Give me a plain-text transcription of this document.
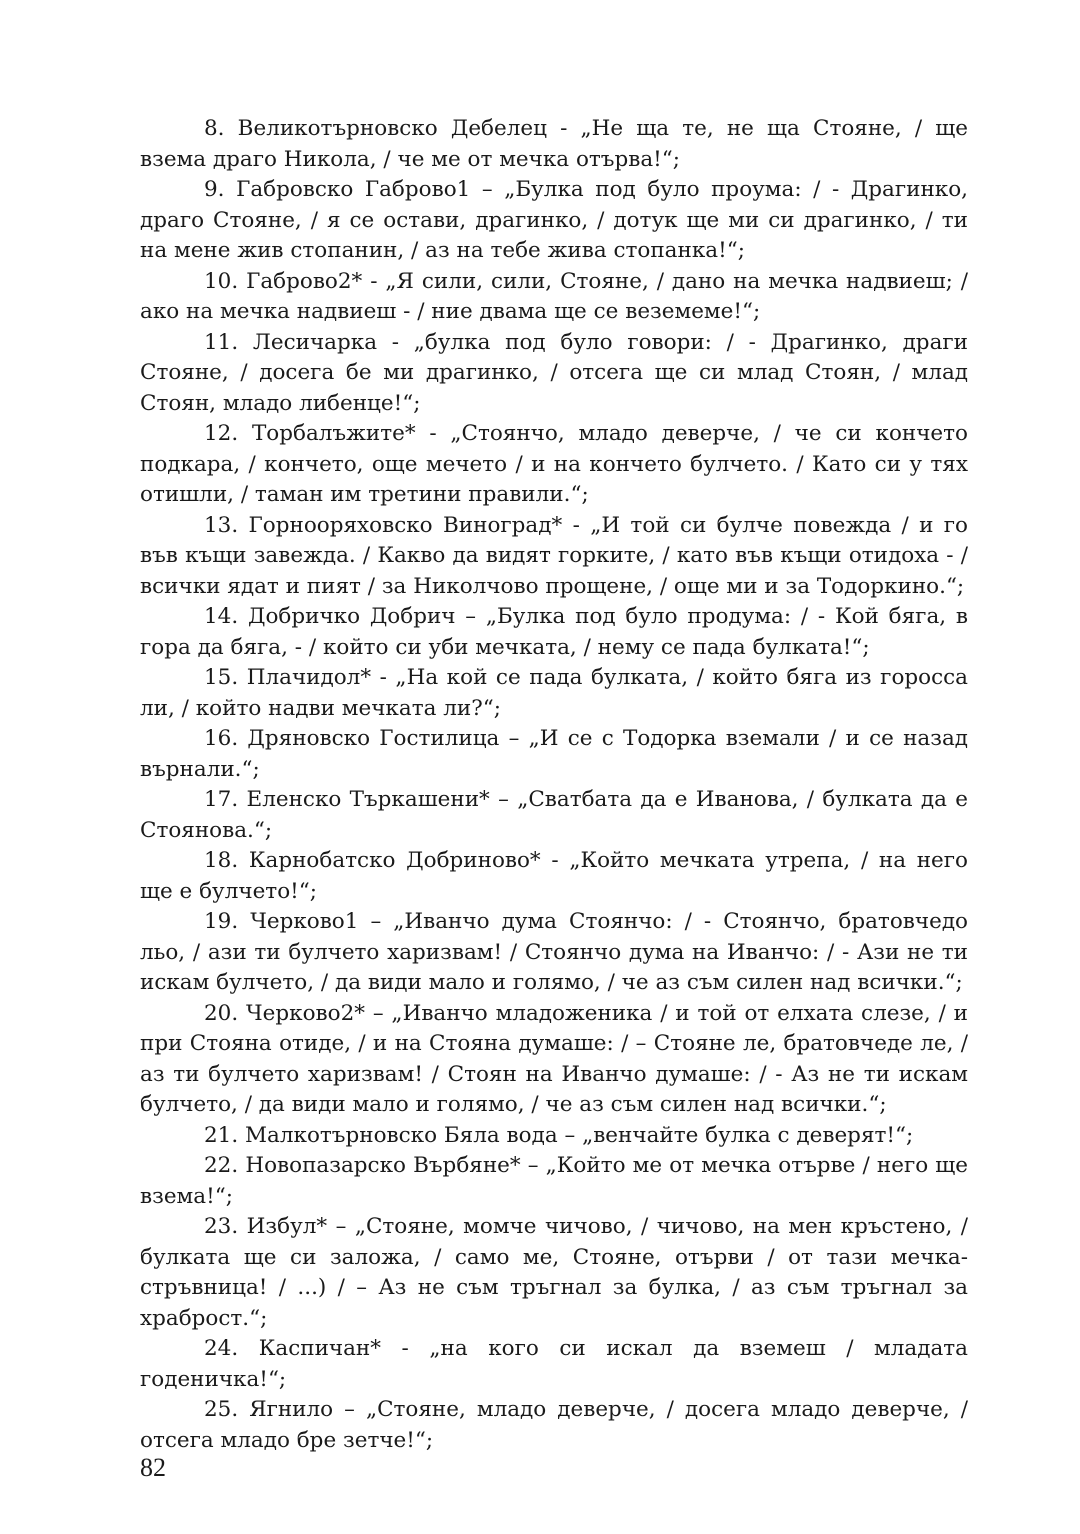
8. Великотърновско Дебелец - „Не ща те, не ща Стояне, / ще взема драго Никола, / че ме от мечка отърва!“;

9. Габровско Габрово1 – „Булка под було проума: / - Драгинко, драго Стояне, / я се остави, драгинко, / дотук ще ми си драгинко, / ти на мене жив стопанин, / аз на тебе жива стопанка!“;

10. Габрово2* - „Я сили, сили, Стояне, / дано на мечка надвиеш; / ако на мечка надвиеш - / ние двама ще се веземеме!“;

11. Лесичарка - „булка под було говори: / - Драгинко, драги Стояне, / досега бе ми драгинко, / отсега ще си млад Стоян, / млад Стоян, младо либенце!“;

12. Торбалъжите* - „Стоянчо, младо деверче, / че си кончето подкара, / кончето, още мечето / и на кончето булчето. / Като си у тях отишли, / таман им третини правили.“;

13. Горнооряховско Виноград* - „И той си булче повежда / и го във къщи завежда. / Какво да видят горките, / като във къщи отидоха - / всички ядат и пият / за Николчово прощене, / още ми и за Тодоркино.“;

14. Добричко Добрич – „Булка под було продума: / - Кой бяга, в гора да бяга, - / който си уби мечката, / нему се пада булката!“;

15. Плачидол* - „На кой се пада булката, / който бяга из горocca ли, / който надви мечката ли?“;

16. Дряновско Гостилица – „И се с Тодорка вземали / и се назад върнали.“;

17. Еленско Търкашени* – „Сватбата да е Иванова, / булката да е Стоянова.“;

18. Карнобатско Добриново* - „Който мечката утрепа, / на него ще е булчето!“;

19. Черково1 – „Иванчо дума Стоянчо: / - Стоянчо, братовчедо льо, / ази ти булчето харизвам! / Стоянчо дума на Иванчо: / - Ази не ти искам булчето, / да види мало и голямо, / че аз съм силен над всички.“;

20. Черково2* – „Иванчо младоженика / и той от елхата слезе, / и при Стояна отиде, / и на Стояна думаше: / – Стояне ле, братовчеде ле, / аз ти булчето харизвам! / Стоян на Иванчо думаше: / - Аз не ти искам булчето, / да види мало и голямо, / че аз съм силен над всички.“;

21. Малкотърновско Бяла вода – „венчайте булка с деверят!“;

22. Новопазарско Върбяне* – „Който ме от мечка отърве / него ще взема!“;

23. Избул* – „Стояне, момче чичово, / чичово, на мен кръстено, / булката ще си заложа, / само ме, Стояне, отърви / от тази мечка-стръвница! / ...) / – Аз не съм тръгнал за булка, / аз съм тръгнал за храброст.“;

24. Каспичан* - „на кого си искал да вземеш / младата годеничка!“;

25. Ягнило – „Стояне, младо деверче, / досега младо деверче, / отсега младо бре зетче!“;

82
